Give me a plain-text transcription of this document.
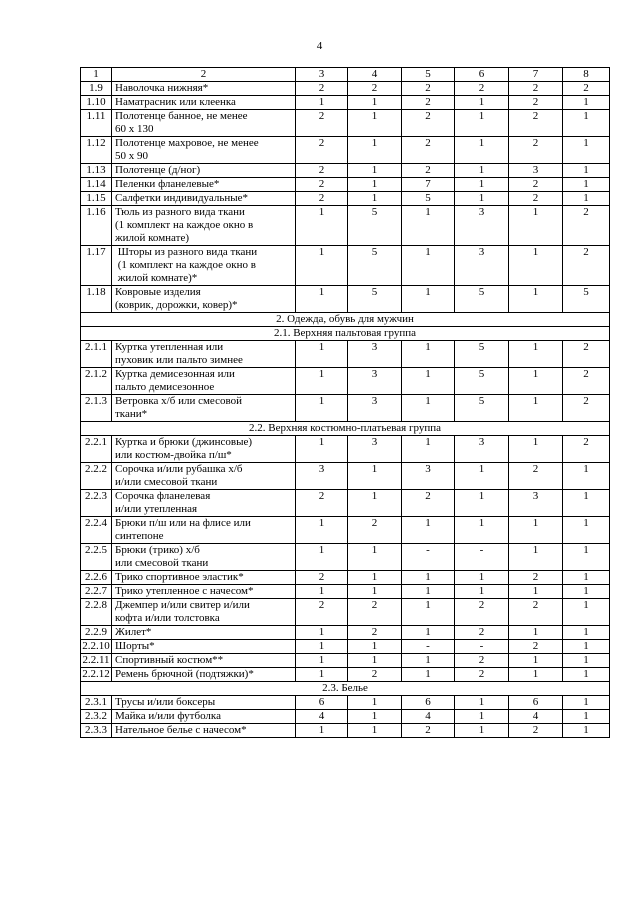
4
1	2	3	4	5	6	7	8
1.9	Наволочка нижняя*	2	2	2	2	2	2
1.10	Наматрасник или клеенка	1	1	2	1	2	1
1.11	Полотенце банное, не менее
60 х 130	2	1	2	1	2	1
1.12	Полотенце махровое, не менее
50 х 90	2	1	2	1	2	1
1.13	Полотенце (д/ног)	2	1	2	1	3	1
1.14	Пеленки фланелевые*	2	1	7	1	2	1
1.15	Салфетки индивидуальные*	2	1	5	1	2	1
1.16	Тюль из разного вида ткани
(1 комплект на каждое окно в
жилой комнате)	1	5	1	3	1	2
1.17	Шторы из разного вида ткани
(1 комплект на каждое окно в
жилой комнате)*	1	5	1	3	1	2
1.18	Ковровые изделия
(коврик, дорожки, ковер)*	1	5	1	5	1	5
2. Одежда, обувь для мужчин							
2.1. Верхняя пальтовая группа							
2.1.1	Куртка утепленная или
пуховик или пальто зимнее	1	3	1	5	1	2
2.1.2	Куртка демисезонная или
пальто демисезонное	1	3	1	5	1	2
2.1.3	Ветровка х/б или смесовой
ткани*	1	3	1	5	1	2
2.2. Верхняя костюмно-платьевая группа							
2.2.1	Куртка и брюки (джинсовые)
или костюм-двойка п/ш*	1	3	1	3	1	2
2.2.2	Сорочка и/или рубашка х/б
и/или смесовой ткани	3	1	3	1	2	1
2.2.3	Сорочка фланелевая
и/или утепленная	2	1	2	1	3	1
2.2.4	Брюки п/ш или на флисе или
синтепоне	1	2	1	1	1	1
2.2.5	Брюки (трико) х/б
или смесовой ткани	1	1	-	-	1	1
2.2.6	Трико спортивное эластик*	2	1	1	1	2	1
2.2.7	Трико утепленное с начесом*	1	1	1	1	1	1
2.2.8	Джемпер и/или свитер и/или
кофта и/или толстовка	2	2	1	2	2	1
2.2.9	Жилет*	1	2	1	2	1	1
2.2.10	Шорты*	1	1	-	-	2	1
2.2.11	Спортивный костюм**	1	1	1	2	1	1
2.2.12	Ремень брючной (подтяжки)*	1	2	1	2	1	1
2.3. Белье							
2.3.1	Трусы и/или боксеры	6	1	6	1	6	1
2.3.2	Майка и/или футболка	4	1	4	1	4	1
2.3.3	Нательное белье с начесом*	1	1	2	1	2	1
